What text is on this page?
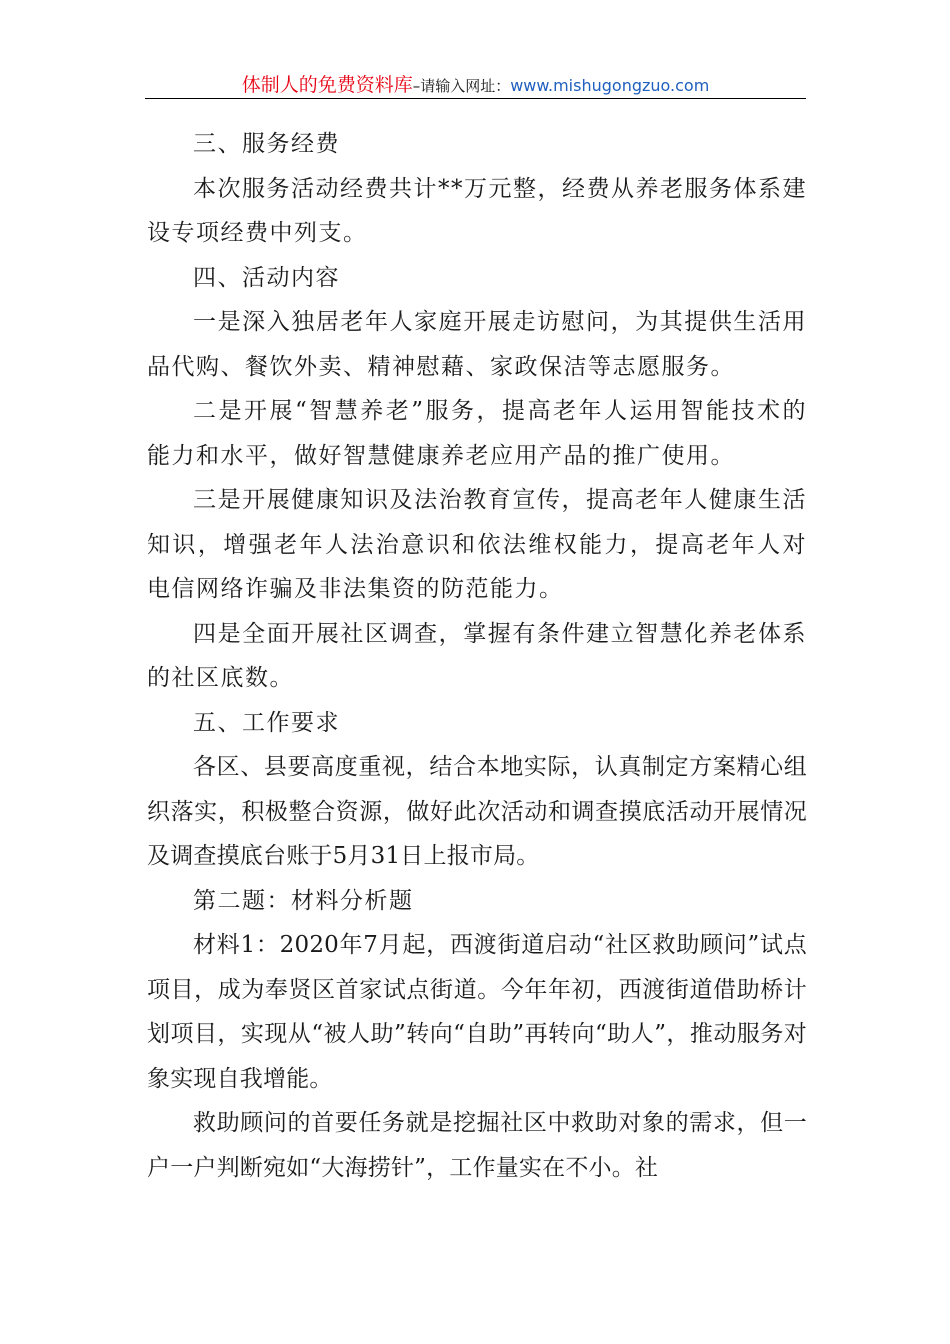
体制人的免费资料库–请输入网址：www.mishugongzuo.com

三、服务经费

本次服务活动经费共计**万元整，经费从养老服务体系建设专项经费中列支。

四、活动内容

一是深入独居老年人家庭开展走访慰问，为其提供生活用品代购、餐饮外卖、精神慰藉、家政保洁等志愿服务。

二是开展“智慧养老”服务，提高老年人运用智能技术的能力和水平，做好智慧健康养老应用产品的推广使用。

三是开展健康知识及法治教育宣传，提高老年人健康生活知识，增强老年人法治意识和依法维权能力，提高老年人对电信网络诈骗及非法集资的防范能力。

四是全面开展社区调查，掌握有条件建立智慧化养老体系的社区底数。

五、工作要求

各区、县要高度重视，结合本地实际，认真制定方案精心组织落实，积极整合资源，做好此次活动和调查摸底活动开展情况及调查摸底台账于5月31日上报市局。

第二题：材料分析题

材料1：2020年7月起，西渡街道启动“社区救助顾问”试点项目，成为奉贤区首家试点街道。今年年初，西渡街道借助桥计划项目，实现从“被人助”转向“自助”再转向“助人”，推动服务对象实现自我增能。

救助顾问的首要任务就是挖掘社区中救助对象的需求，但一户一户判断宛如“大海捞针”，工作量实在不小。社
